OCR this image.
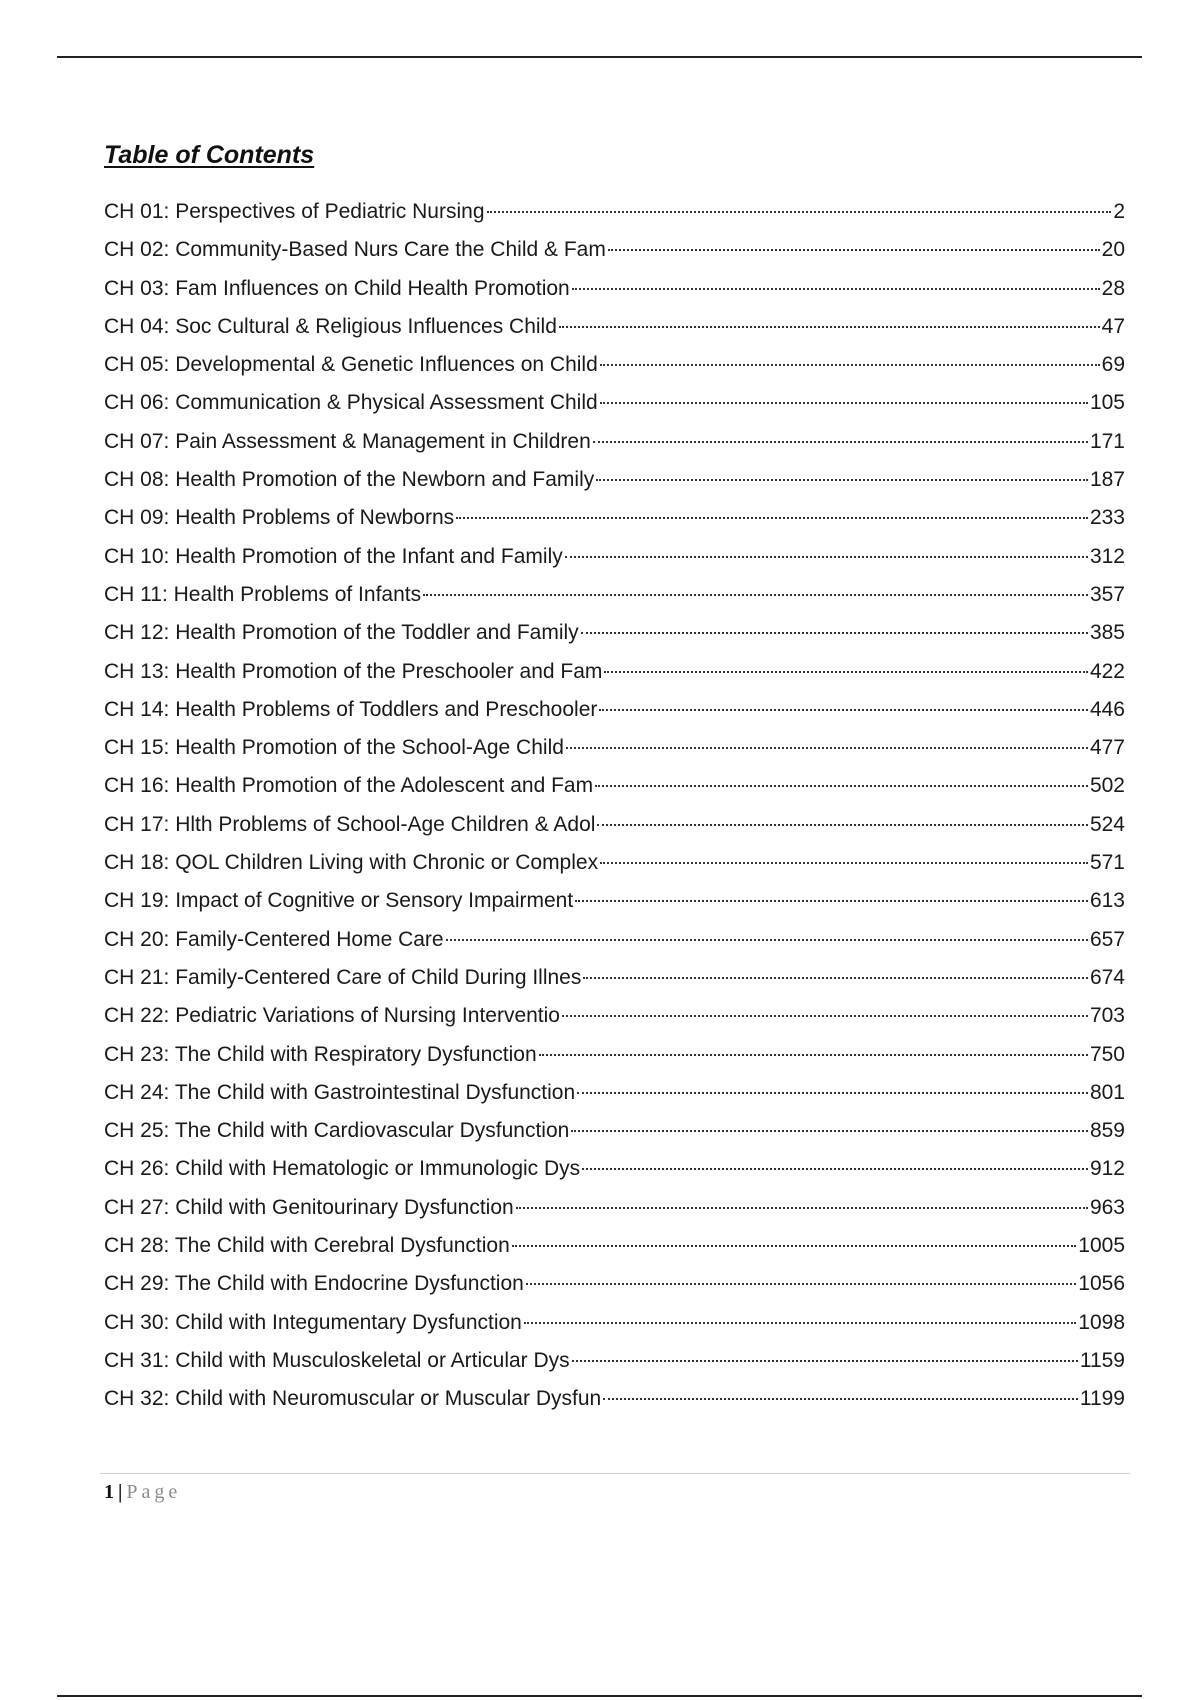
Table of Contents
CH 01: Perspectives of Pediatric Nursing	2
CH 02: Community-Based Nurs Care the Child & Fam	20
CH 03: Fam Influences on Child Health Promotion	28
CH 04: Soc Cultural & Religious Influences Child	47
CH 05: Developmental & Genetic Influences on Child	69
CH 06: Communication & Physical Assessment Child	105
CH 07: Pain Assessment & Management in Children	171
CH 08: Health Promotion of the Newborn and Family	187
CH 09: Health Problems of Newborns	233
CH 10: Health Promotion of the Infant and Family	312
CH 11: Health Problems of Infants	357
CH 12: Health Promotion of the Toddler and Family	385
CH 13: Health Promotion of the Preschooler and Fam	422
CH 14: Health Problems of Toddlers and Preschooler	446
CH 15: Health Promotion of the School-Age Child	477
CH 16: Health Promotion of the Adolescent and Fam	502
CH 17: Hlth Problems of School-Age Children & Adol	524
CH 18: QOL Children Living with Chronic or Complex	571
CH 19: Impact of Cognitive or Sensory Impairment	613
CH 20: Family-Centered Home Care	657
CH 21: Family-Centered Care of Child During Illnes	674
CH 22: Pediatric Variations of Nursing Interventio	703
CH 23: The Child with Respiratory Dysfunction	750
CH 24: The Child with Gastrointestinal Dysfunction	801
CH 25: The Child with Cardiovascular Dysfunction	859
CH 26: Child with Hematologic or Immunologic Dys	912
CH 27: Child with Genitourinary Dysfunction	963
CH 28: The Child with Cerebral Dysfunction	1005
CH 29: The Child with Endocrine Dysfunction	1056
CH 30: Child with Integumentary Dysfunction	1098
CH 31: Child with Musculoskeletal or Articular Dys	1159
CH 32: Child with Neuromuscular or Muscular Dysfun	1199
1 | Page
